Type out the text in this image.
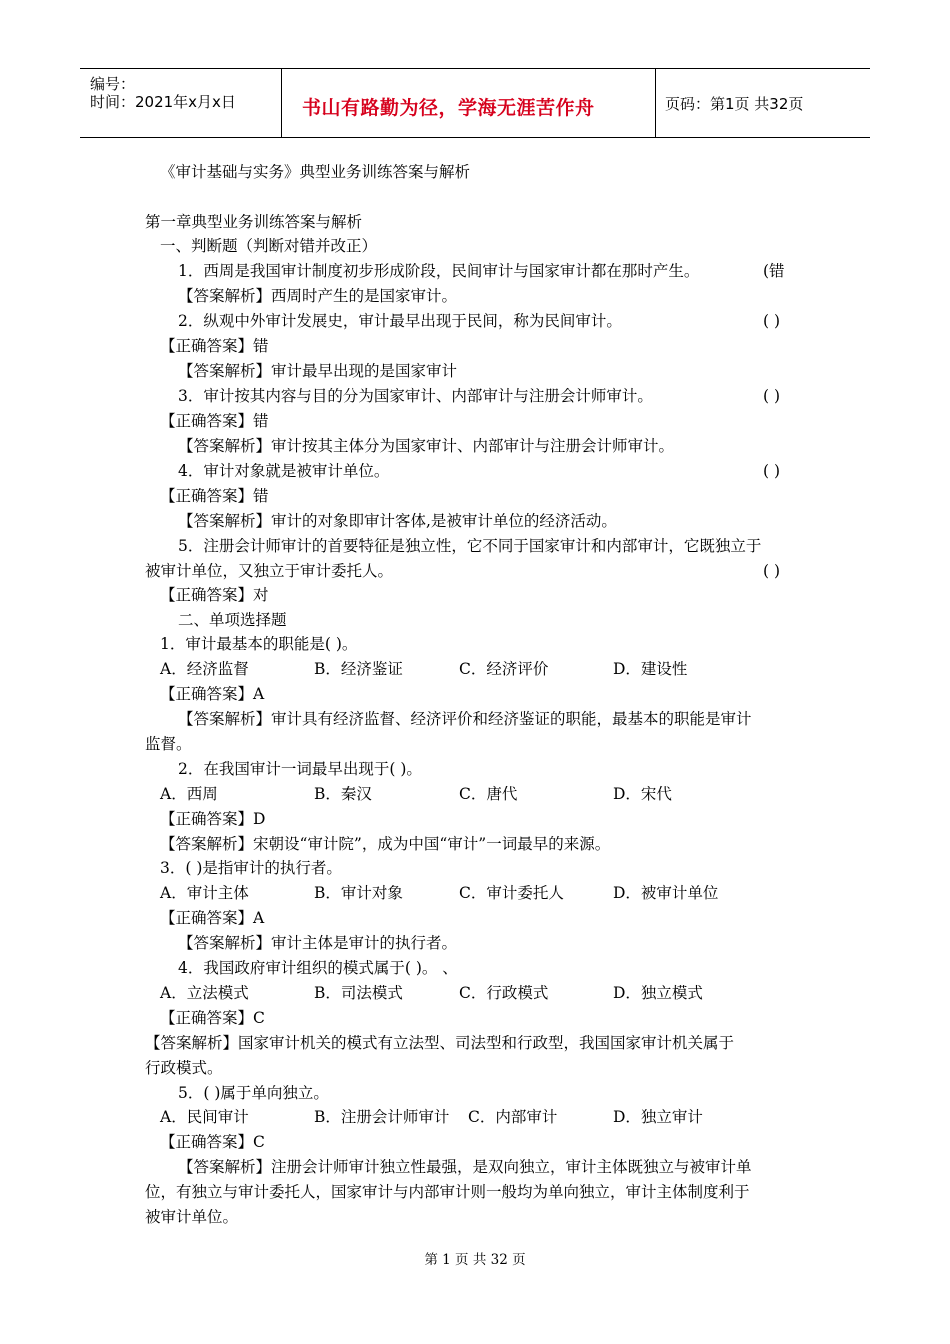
编号：
时间：2021年x月x日	书山有路勤为径，学海无涯苦作舟	页码：第1页 共32页
《审计基础与实务》典型业务训练答案与解析
第一章典型业务训练答案与解析
一、判断题（判断对错并改正）
1．西周是我国审计制度初步形成阶段，民间审计与国家审计都在那时产生。	(错
【答案解析】西周时产生的是国家审计。
2．纵观中外审计发展史，审计最早出现于民间，称为民间审计。	( )
【正确答案】错
【答案解析】审计最早出现的是国家审计
3．审计按其内容与目的分为国家审计、内部审计与注册会计师审计。	( )
【正确答案】错
【答案解析】审计按其主体分为国家审计、内部审计与注册会计师审计。
4．审计对象就是被审计单位。	( )
【正确答案】错
【答案解析】审计的对象即审计客体,是被审计单位的经济活动。
5．注册会计师审计的首要特征是独立性，它不同于国家审计和内部审计，它既独立于
被审计单位，又独立于审计委托人。	( )
【正确答案】对
二、单项选择题
1．审计最基本的职能是( )。
A．经济监督	B．经济鉴证	C．经济评价	D．建设性
【正确答案】A
【答案解析】审计具有经济监督、经济评价和经济鉴证的职能，最基本的职能是审计
监督。
2．在我国审计一词最早出现于( )。
A．西周	B．秦汉	C．唐代	D．宋代
【正确答案】D
【答案解析】宋朝设“审计院”，成为中国“审计”一词最早的来源。
3．( )是指审计的执行者。
A．审计主体	B．审计对象	C．审计委托人	D．被审计单位
【正确答案】A
【答案解析】审计主体是审计的执行者。
4．我国政府审计组织的模式属于( )。 、
A．立法模式	B．司法模式	C．行政模式	D．独立模式
【正确答案】C
【答案解析】国家审计机关的模式有立法型、司法型和行政型，我国国家审计机关属于
行政模式。
5．( )属于单向独立。
A．民间审计	B．注册会计师审计 C．内部审计	D．独立审计
【正确答案】C
【答案解析】注册会计师审计独立性最强，是双向独立，审计主体既独立与被审计单
位，有独立与审计委托人，国家审计与内部审计则一般均为单向独立，审计主体制度利于
被审计单位。
第 1 页 共 32 页
